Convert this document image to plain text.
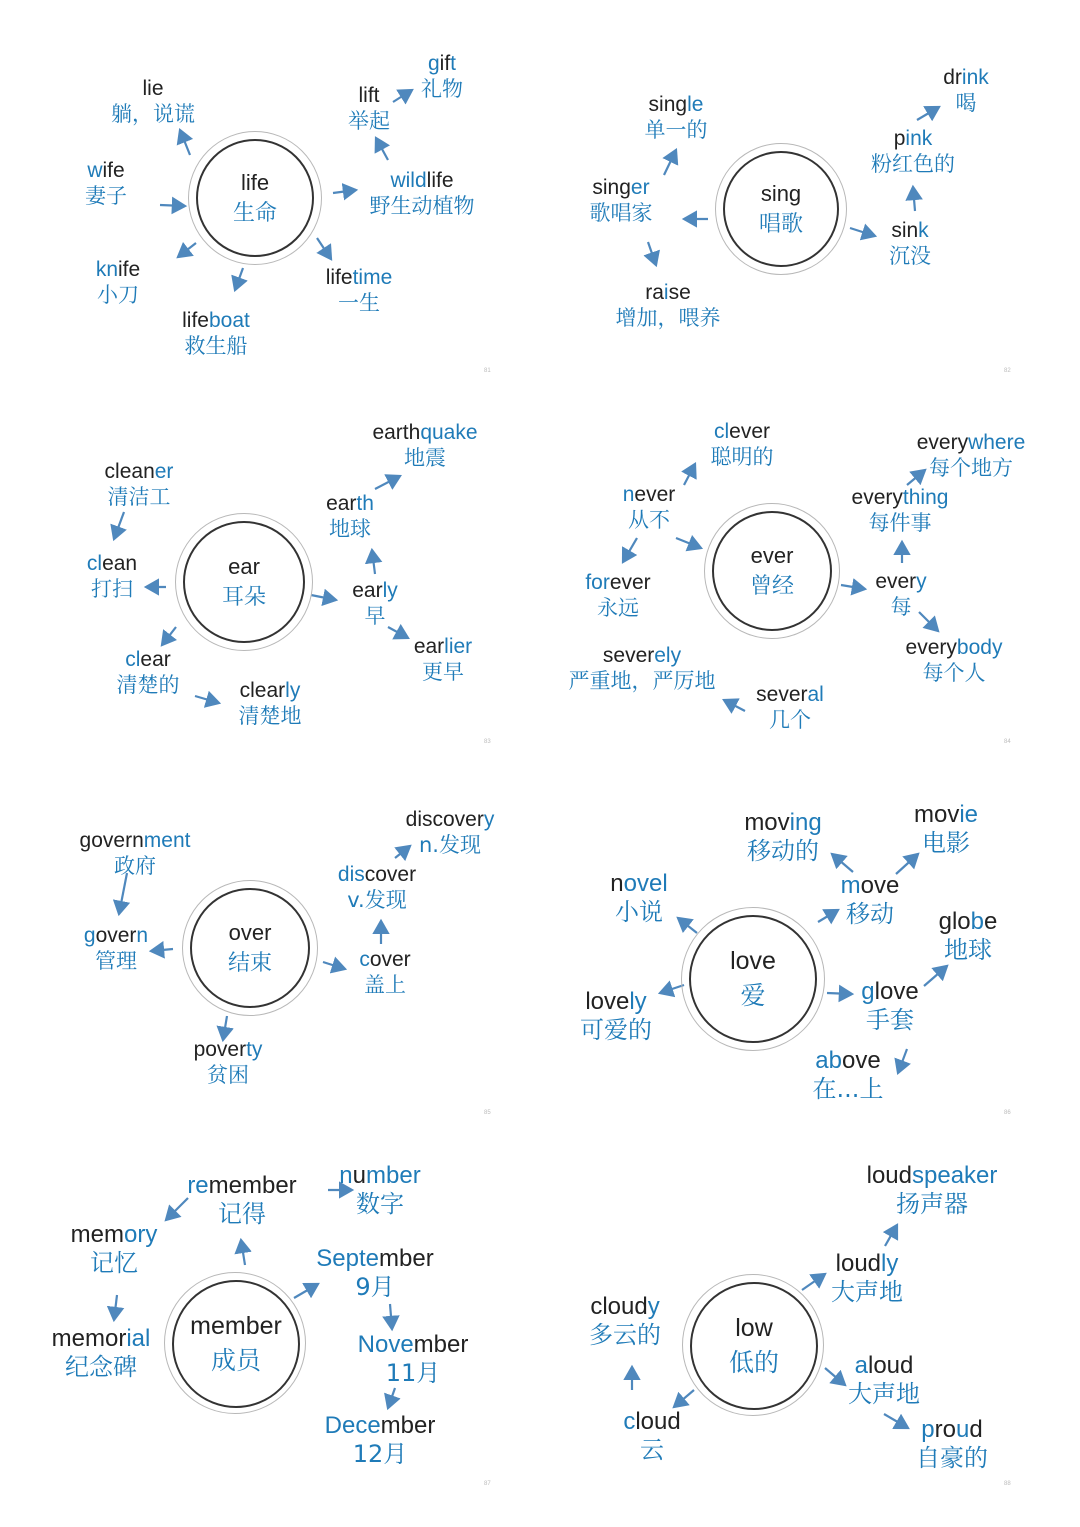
life
生命
lie
躺，说谎
lift
举起
gift
礼物
wife
妻子
wildlife
野生动植物
knife
小刀
lifetime
一生
lifeboat
救生船
81
sing
唱歌
drink
喝
single
单一的	pink
粉红色的
singer
歌唱家
sink
沉没
raise
增加，喂养
82
ear
耳朵
earthquake
地震
cleaner
清洁工	earth
地球
clean
打扫	early
早
clear
清楚的
earlier
更早
clearly
清楚地
83
ever
曾经
clever
聪明的
everywhere
每个地方
never
从不
everything
每件事
forever
永远
every
每
severely
严重地，严厉地
everybody
每个人
several
几个
84
over
结束
discovery
n.发现
government
政府	discover
v.发现
govern
管理	cover
盖上
poverty
贫困
85
love
爱
moving
移动的
movie
电影
novel
小说
move
移动 globe
地球
lovely
可爱的
glove
手套
above
在...上
86
member
成员
remember
记得
number
数字
memory
记忆	September
9月
memorial
纪念碑
November
11月
December
12月
87
low
低的
loudspeaker
扬声器
loudly
大声地
cloudy
多云的
aloud
大声地
cloud
云
proud
自豪的
88
